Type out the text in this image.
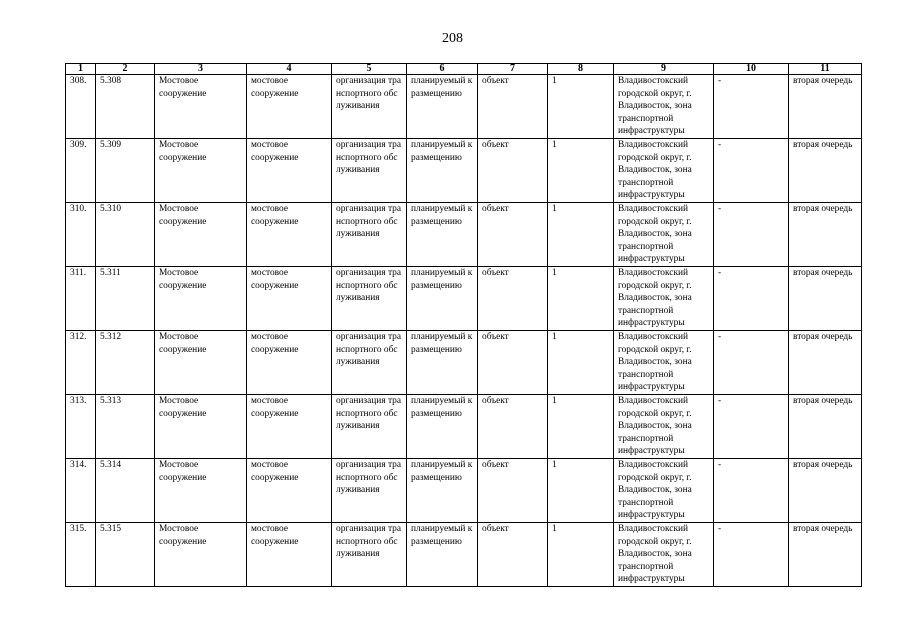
208
1	2	3	4	5	6	7	8	9	10	11
308.	5.308	Мостовое сооружение	мостовое сооружение	организация транспортного обслуживания	планируемый к размещению	объект	1	Владивостокский городской округ, г. Владивосток, зона транспортной инфраструктуры	-	вторая очередь
309.	5.309	Мостовое сооружение	мостовое сооружение	организация транспортного обслуживания	планируемый к размещению	объект	1	Владивостокский городской округ, г. Владивосток, зона транспортной инфраструктуры	-	вторая очередь
310.	5.310	Мостовое сооружение	мостовое сооружение	организация транспортного обслуживания	планируемый к размещению	объект	1	Владивостокский городской округ, г. Владивосток, зона транспортной инфраструктуры	-	вторая очередь
311.	5.311	Мостовое сооружение	мостовое сооружение	организация транспортного обслуживания	планируемый к размещению	объект	1	Владивостокский городской округ, г. Владивосток, зона транспортной инфраструктуры	-	вторая очередь
312.	5.312	Мостовое сооружение	мостовое сооружение	организация транспортного обслуживания	планируемый к размещению	объект	1	Владивостокский городской округ, г. Владивосток, зона транспортной инфраструктуры	-	вторая очередь
313.	5.313	Мостовое сооружение	мостовое сооружение	организация транспортного обслуживания	планируемый к размещению	объект	1	Владивостокский городской округ, г. Владивосток, зона транспортной инфраструктуры	-	вторая очередь
314.	5.314	Мостовое сооружение	мостовое сооружение	организация транспортного обслуживания	планируемый к размещению	объект	1	Владивостокский городской округ, г. Владивосток, зона транспортной инфраструктуры	-	вторая очередь
315.	5.315	Мостовое сооружение	мостовое сооружение	организация транспортного обслуживания	планируемый к размещению	объект	1	Владивостокский городской округ, г. Владивосток, зона транспортной инфраструктуры	-	вторая очередь
